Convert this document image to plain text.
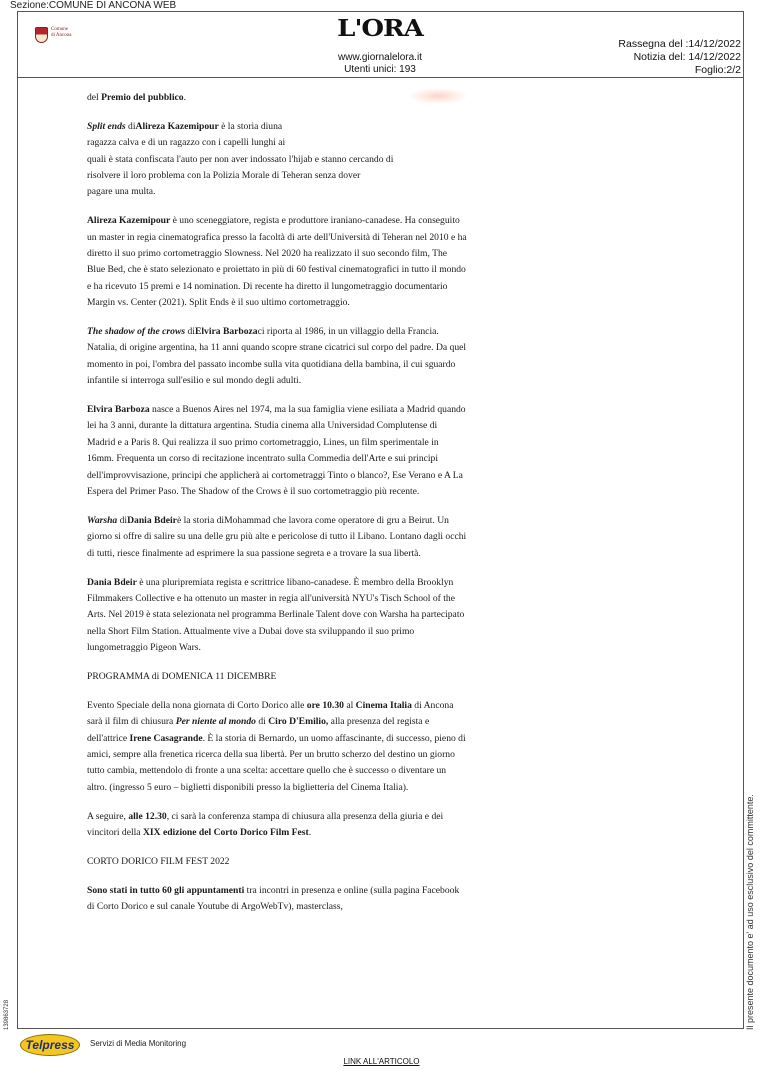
Sezione:COMUNE DI ANCONA WEB
Comune
di Ancona	L'ORA
www.giornalelora.it
Utenti unici: 193
Rassegna del :14/12/2022
Notizia del: 14/12/2022
Foglio:2/2

del Premio del pubblico.

Split ends diAlireza Kazemipour è la storia diuna
ragazza calva e di un ragazzo con i capelli lunghi ai
quali è stata confiscata l'auto per non aver indossato l'hijab e stanno cercando di
risolvere il loro problema con la Polizia Morale di Teheran senza dover
pagare una multa.

Alireza Kazemipour è uno sceneggiatore, regista e produttore iraniano-canadese. Ha conseguito un master in regia cinematografica presso la facoltà di arte dell'Università di Teheran nel 2010 e ha diretto il suo primo cortometraggio Slowness. Nel 2020 ha realizzato il suo secondo film, The Blue Bed, che è stato selezionato e proiettato in più di 60 festival cinematografici in tutto il mondo e ha ricevuto 15 premi e 14 nomination. Di recente ha diretto il lungometraggio documentario Margin vs. Center (2021). Split Ends è il suo ultimo cortometraggio.

The shadow of the crows diElvira Barbozaci riporta al 1986, in un villaggio della Francia. Natalia, di origine argentina, ha 11 anni quando scopre strane cicatrici sul corpo del padre. Da quel momento in poi, l'ombra del passato incombe sulla vita quotidiana della bambina, il cui sguardo infantile si interroga sull'esilio e sul mondo degli adulti.

Elvira Barboza nasce a Buenos Aires nel 1974, ma la sua famiglia viene esiliata a Madrid quando lei ha 3 anni, durante la dittatura argentina. Studia cinema alla Universidad Complutense di Madrid e a Paris 8. Qui realizza il suo primo cortometraggio, Lines, un film sperimentale in 16mm. Frequenta un corso di recitazione incentrato sulla Commedia dell'Arte e sui principi dell'improvvisazione, principi che applicherà ai cortometraggi Tinto o blanco?, Ese Verano e A La Espera del Primer Paso. The Shadow of the Crows è il suo cortometraggio più recente.

Warsha diDania Bdeirè la storia diMohammad che lavora come operatore di gru a Beirut. Un giorno si offre di salire su una delle gru più alte e pericolose di tutto il Libano. Lontano dagli occhi di tutti, riesce finalmente ad esprimere la sua passione segreta e a trovare la sua libertà.

Dania Bdeir è una pluripremiata regista e scrittrice libano-canadese. È membro della Brooklyn Filmmakers Collective e ha ottenuto un master in regia all'università NYU's Tisch School of the Arts. Nel 2019 è stata selezionata nel programma Berlinale Talent dove con Warsha ha partecipato nella Short Film Station. Attualmente vive a Dubai dove sta sviluppando il suo primo lungometraggio Pigeon Wars.

PROGRAMMA di DOMENICA 11 DICEMBRE

Evento Speciale della nona giornata di Corto Dorico alle ore 10.30 al Cinema Italia di Ancona sarà il film di chiusura Per niente al mondo di Ciro D'Emilio, alla presenza del regista e dell'attrice Irene Casagrande. È la storia di Bernardo, un uomo affascinante, di successo, pieno di amici, sempre alla frenetica ricerca della sua libertà. Per un brutto scherzo del destino un giorno tutto cambia, mettendolo di fronte a una scelta: accettare quello che è successo o diventare un altro. (ingresso 5 euro – biglietti disponibili presso la biglietteria del Cinema Italia).

A seguire, alle 12.30, ci sarà la conferenza stampa di chiusura alla presenza della giuria e dei vincitori della XIX edizione del Corto Dorico Film Fest.

CORTO DORICO FILM FEST 2022

Sono stati in tutto 60 gli appuntamenti tra incontri in presenza e online (sulla pagina Facebook di Corto Dorico e sul canale Youtube di ArgoWebTv), masterclass,	Il presente documento e' ad uso esclusivo del committente.
139863728
Telpress Servizi di Media Monitoring
LINK ALL'ARTICOLO
